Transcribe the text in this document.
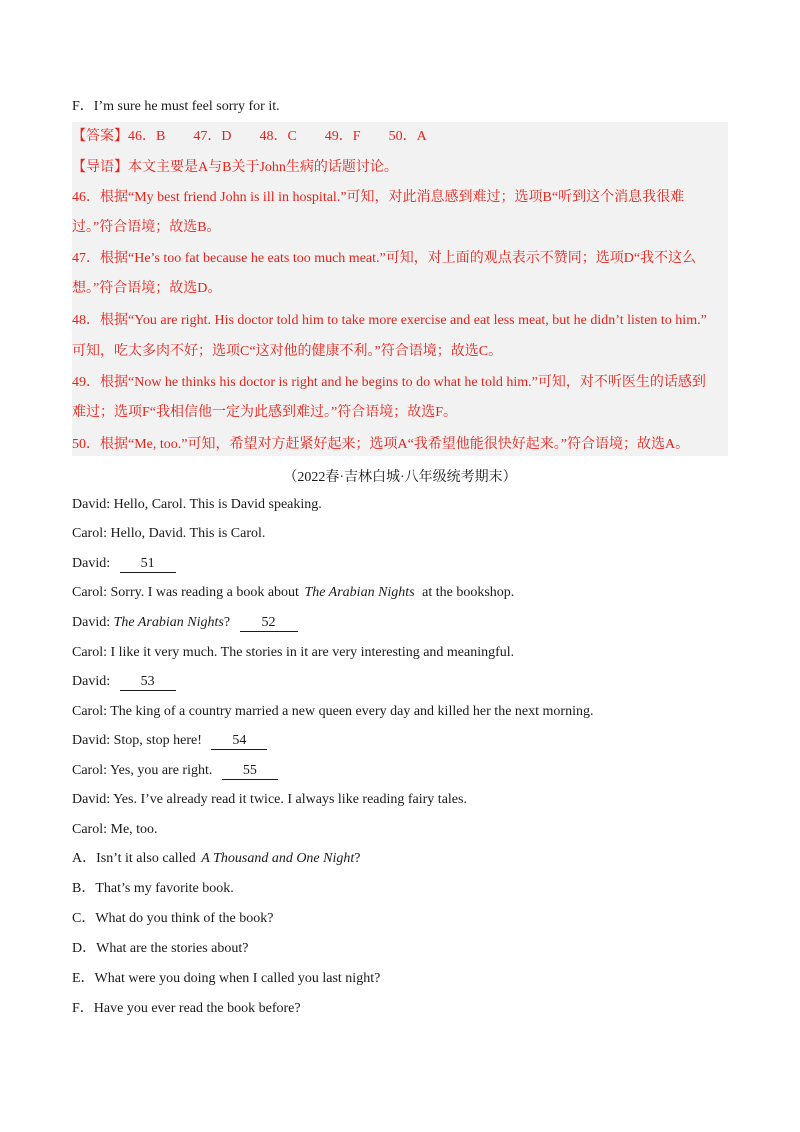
F．I’m sure he must feel sorry for it.
【答案】46．B　　47．D　　48．C　　49．F　　50．A
【导语】本文主要是A与B关于John生病的话题讨论。
46．根据“My best friend John is ill in hospital.”可知，对此消息感到难过；选项B“听到这个消息我很难
过。”符合语境；故选B。
47．根据“He’s too fat because he eats too much meat.”可知，对上面的观点表示不赞同；选项D“我不这么
想。”符合语境；故选D。
48．根据“You are right. His doctor told him to take more exercise and eat less meat, but he didn’t listen to him.”
可知，吃太多肉不好；选项C“这对他的健康不利。”符合语境；故选C。
49．根据“Now he thinks his doctor is right and he begins to do what he told him.”可知，对不听医生的话感到
难过；选项F“我相信他一定为此感到难过。”符合语境；故选F。
50．根据“Me, too.”可知，希望对方赶紧好起来；选项A“我希望他能很快好起来。”符合语境；故选A。
（2022春·吉林白城·八年级统考期末）
David: Hello, Carol. This is David speaking.
Carol: Hello, David. This is Carol.
David: 51
Carol: Sorry. I was reading a book about The Arabian Nights at the bookshop.
David: The Arabian Nights? 52
Carol: I like it very much. The stories in it are very interesting and meaningful.
David: 53
Carol: The king of a country married a new queen every day and killed her the next morning.
David: Stop, stop here! 54
Carol: Yes, you are right. 55
David: Yes. I’ve already read it twice. I always like reading fairy tales.
Carol: Me, too.
A．Isn’t it also called A Thousand and One Night?
B．That’s my favorite book.
C．What do you think of the book?
D．What are the stories about?
E．What were you doing when I called you last night?
F．Have you ever read the book before?
